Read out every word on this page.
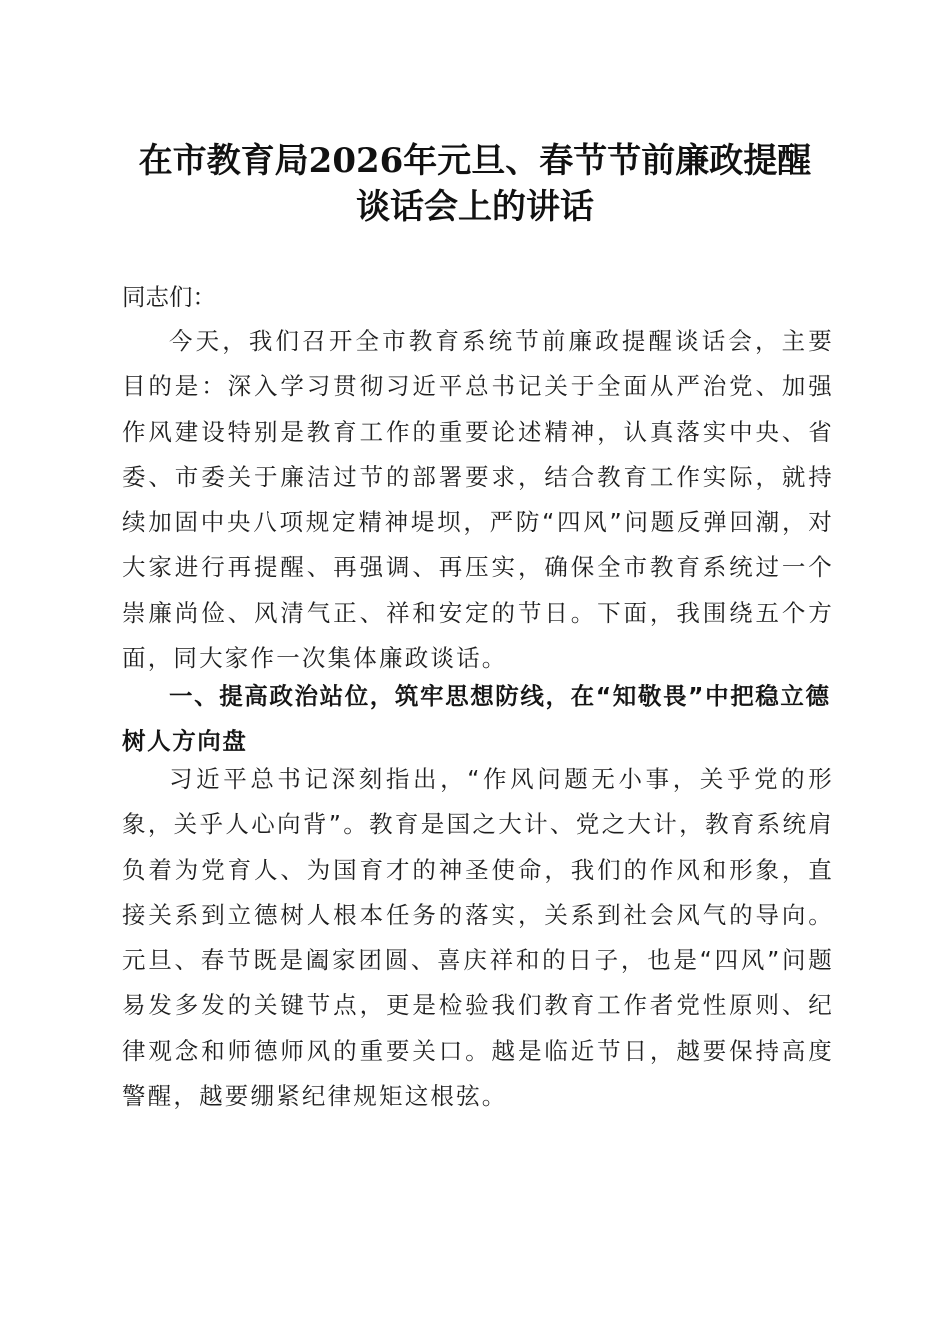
在市教育局2026年元旦、春节节前廉政提醒
谈话会上的讲话

同志们：

今天，我们召开全市教育系统节前廉政提醒谈话会，主要目的是：深入学习贯彻习近平总书记关于全面从严治党、加强作风建设特别是教育工作的重要论述精神，认真落实中央、省委、市委关于廉洁过节的部署要求，结合教育工作实际，就持续加固中央八项规定精神堤坝，严防“四风”问题反弹回潮，对大家进行再提醒、再强调、再压实，确保全市教育系统过一个崇廉尚俭、风清气正、祥和安定的节日。下面，我围绕五个方面，同大家作一次集体廉政谈话。

一、提高政治站位，筑牢思想防线，在“知敬畏”中把稳立德树人方向盘

习近平总书记深刻指出，“作风问题无小事，关乎党的形象，关乎人心向背”。教育是国之大计、党之大计，教育系统肩负着为党育人、为国育才的神圣使命，我们的作风和形象，直接关系到立德树人根本任务的落实，关系到社会风气的导向。元旦、春节既是阖家团圆、喜庆祥和的日子，也是“四风”问题易发多发的关键节点，更是检验我们教育工作者党性原则、纪律观念和师德师风的重要关口。越是临近节日，越要保持高度警醒，越要绷紧纪律规矩这根弦。
